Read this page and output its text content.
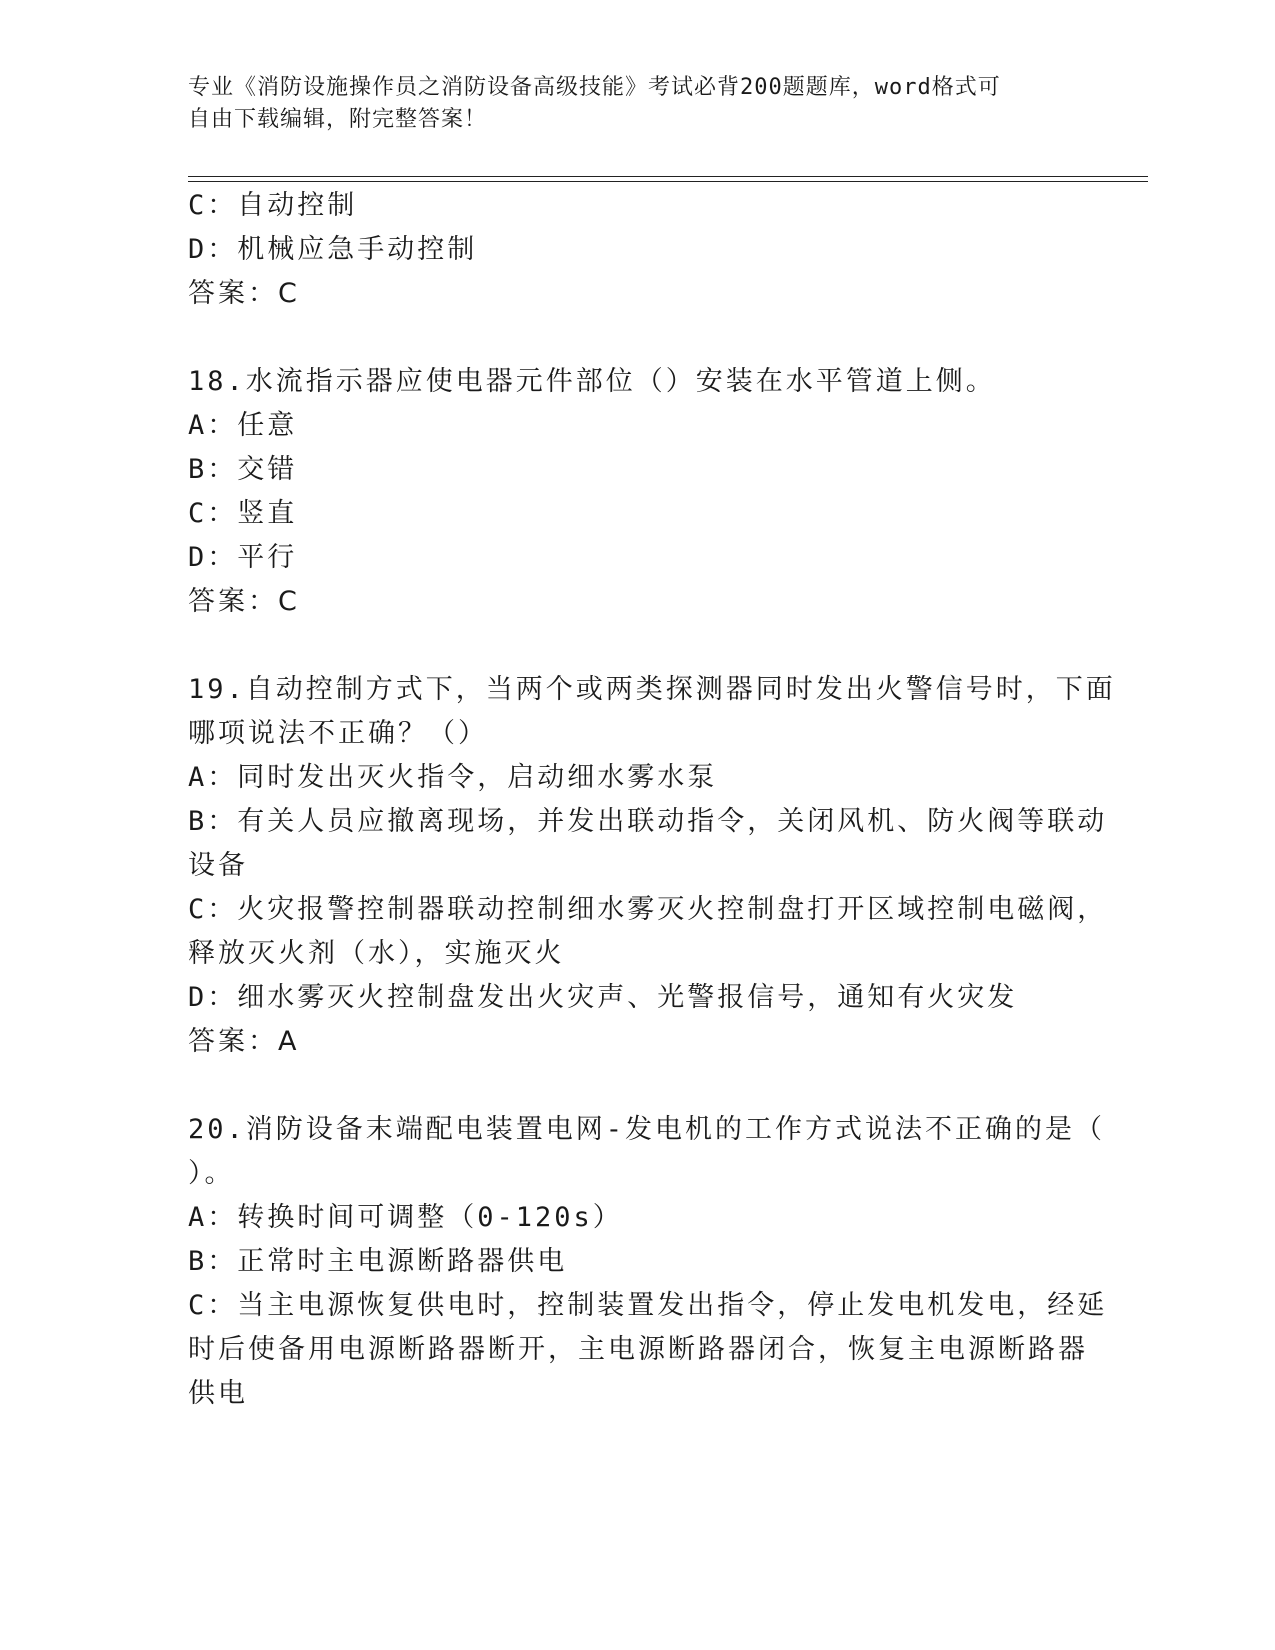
专业《消防设施操作员之消防设备高级技能》考试必背200题题库，word格式可
自由下载编辑，附完整答案！
C：自动控制
D：机械应急手动控制
答案：C
18.水流指示器应使电器元件部位（）安装在水平管道上侧。
A：任意
B：交错
C：竖直
D：平行
答案：C
19.自动控制方式下，当两个或两类探测器同时发出火警信号时，下面
哪项说法不正确？（）
A：同时发出灭火指令，启动细水雾水泵
B：有关人员应撤离现场，并发出联动指令，关闭风机、防火阀等联动
设备
C：火灾报警控制器联动控制细水雾灭火控制盘打开区域控制电磁阀，
释放灭火剂（水），实施灭火
D：细水雾灭火控制盘发出火灾声、光警报信号，通知有火灾发
答案：A
20.消防设备末端配电装置电网-发电机的工作方式说法不正确的是（
）。
A：转换时间可调整（0-120s）
B：正常时主电源断路器供电
C：当主电源恢复供电时，控制装置发出指令，停止发电机发电，经延
时后使备用电源断路器断开，主电源断路器闭合，恢复主电源断路器
供电
